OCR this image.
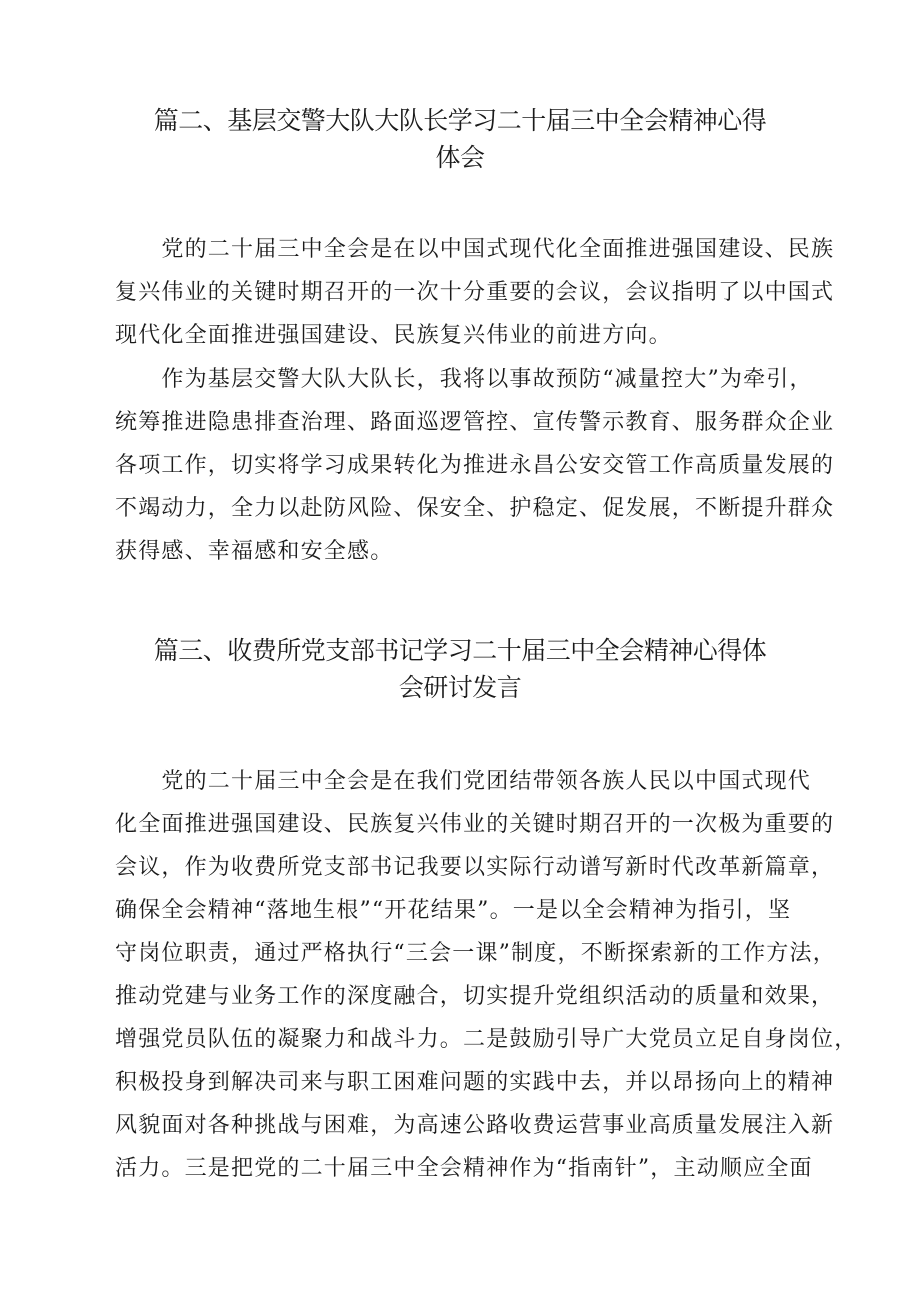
篇二、基层交警大队大队长学习二十届三中全会精神心得
体会
　　党的二十届三中全会是在以中国式现代化全面推进强国建设、民族
复兴伟业的关键时期召开的一次十分重要的会议，会议指明了以中国式
现代化全面推进强国建设、民族复兴伟业的前进方向。
　　作为基层交警大队大队长，我将以事故预防“减量控大”为牵引，
统筹推进隐患排查治理、路面巡逻管控、宣传警示教育、服务群众企业
各项工作，切实将学习成果转化为推进永昌公安交管工作高质量发展的
不竭动力，全力以赴防风险、保安全、护稳定、促发展，不断提升群众
获得感、幸福感和安全感。
篇三、收费所党支部书记学习二十届三中全会精神心得体
会研讨发言
　　党的二十届三中全会是在我们党团结带领各族人民以中国式现代
化全面推进强国建设、民族复兴伟业的关键时期召开的一次极为重要的
会议，作为收费所党支部书记我要以实际行动谱写新时代改革新篇章，
确保全会精神“落地生根”“开花结果”。一是以全会精神为指引，坚
守岗位职责，通过严格执行“三会一课”制度，不断探索新的工作方法，
推动党建与业务工作的深度融合，切实提升党组织活动的质量和效果，
增强党员队伍的凝聚力和战斗力。二是鼓励引导广大党员立足自身岗位，
积极投身到解决司来与职工困难问题的实践中去，并以昂扬向上的精神
风貌面对各种挑战与困难，为高速公路收费运营事业高质量发展注入新
活力。三是把党的二十届三中全会精神作为“指南针”，主动顺应全面
